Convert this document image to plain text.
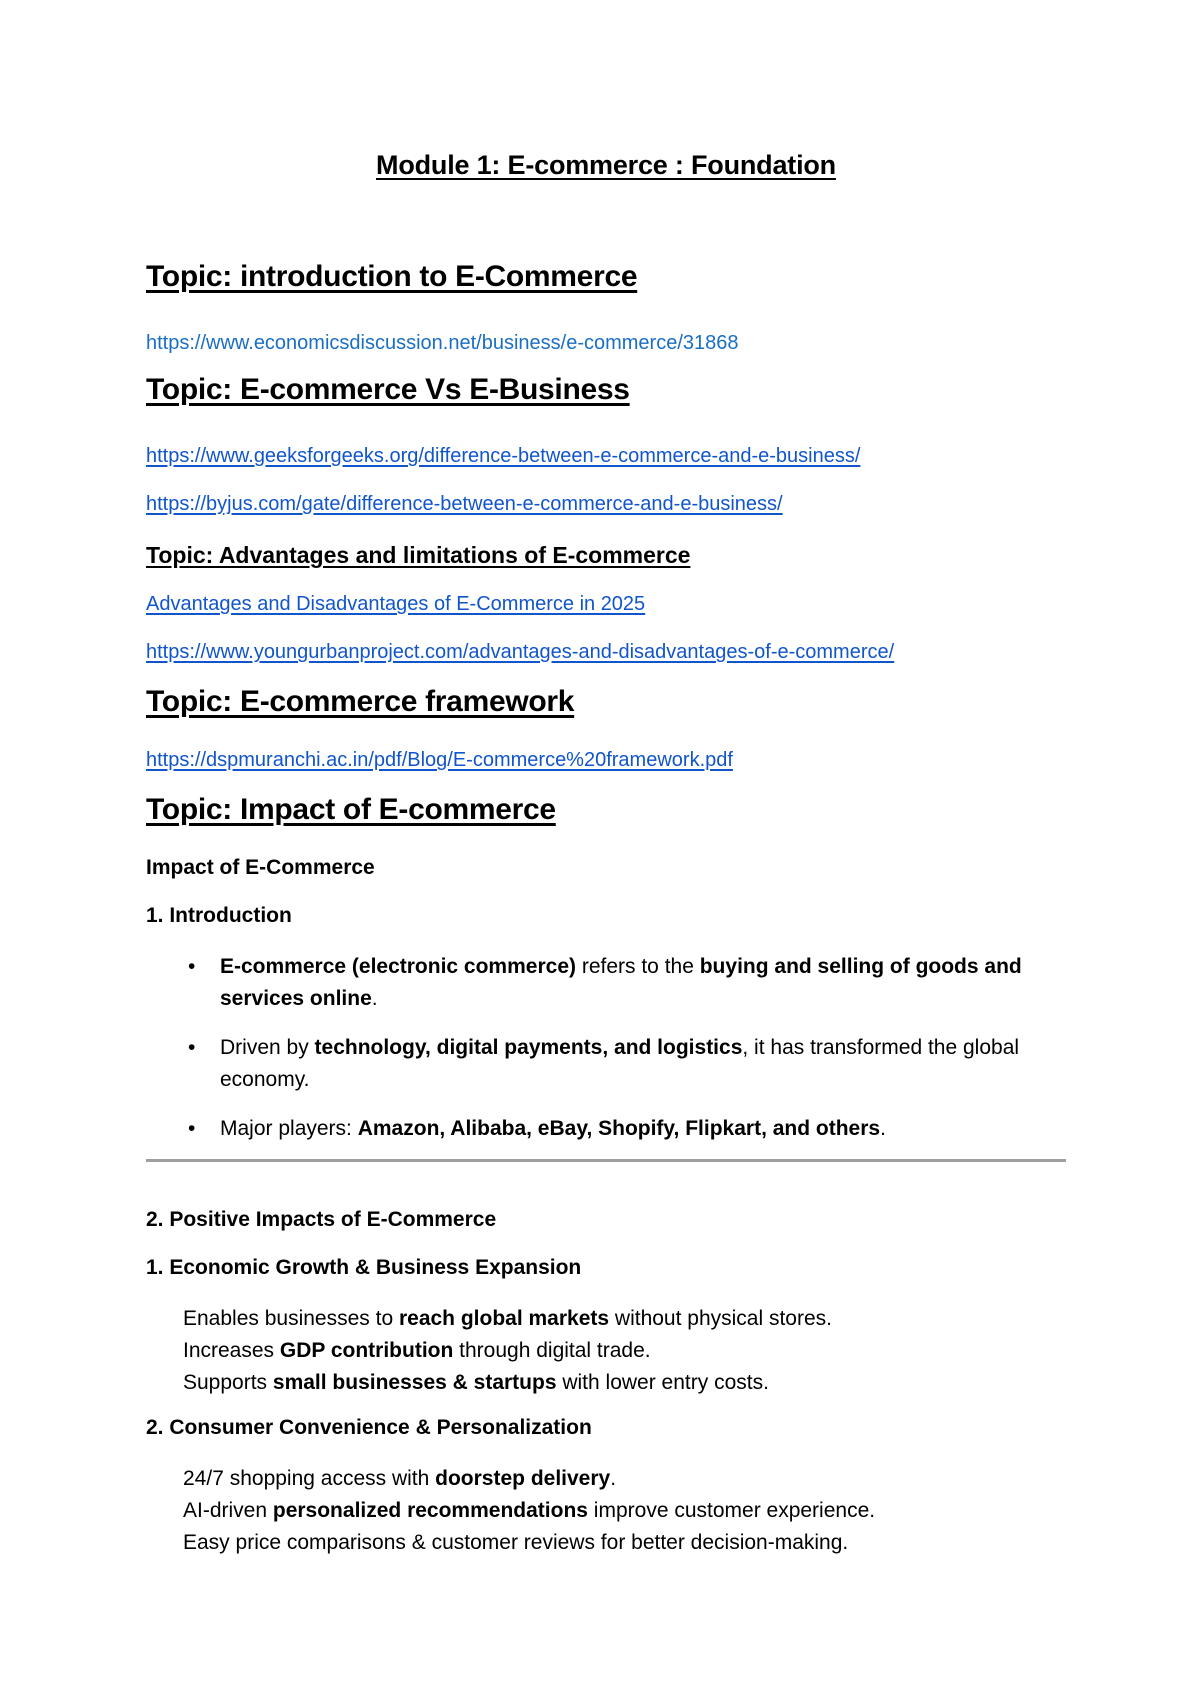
Module 1: E-commerce : Foundation

Topic: introduction to E-Commerce

https://www.economicsdiscussion.net/business/e-commerce/31868

Topic: E-commerce Vs E-Business

https://www.geeksforgeeks.org/difference-between-e-commerce-and-e-business/
https://byjus.com/gate/difference-between-e-commerce-and-e-business/

Topic: Advantages and limitations of E-commerce

Advantages and Disadvantages of E-Commerce in 2025
https://www.youngurbanproject.com/advantages-and-disadvantages-of-e-commerce/

Topic: E-commerce framework

https://dspmuranchi.ac.in/pdf/Blog/E-commerce%20framework.pdf

Topic: Impact of E-commerce

Impact of E-Commerce

1. Introduction

• E-commerce (electronic commerce) refers to the buying and selling of goods and services online.
• Driven by technology, digital payments, and logistics, it has transformed the global economy.
• Major players: Amazon, Alibaba, eBay, Shopify, Flipkart, and others.

2. Positive Impacts of E-Commerce

1. Economic Growth & Business Expansion

Enables businesses to reach global markets without physical stores.
Increases GDP contribution through digital trade.
Supports small businesses & startups with lower entry costs.

2. Consumer Convenience & Personalization

24/7 shopping access with doorstep delivery.
AI-driven personalized recommendations improve customer experience.
Easy price comparisons & customer reviews for better decision-making.
